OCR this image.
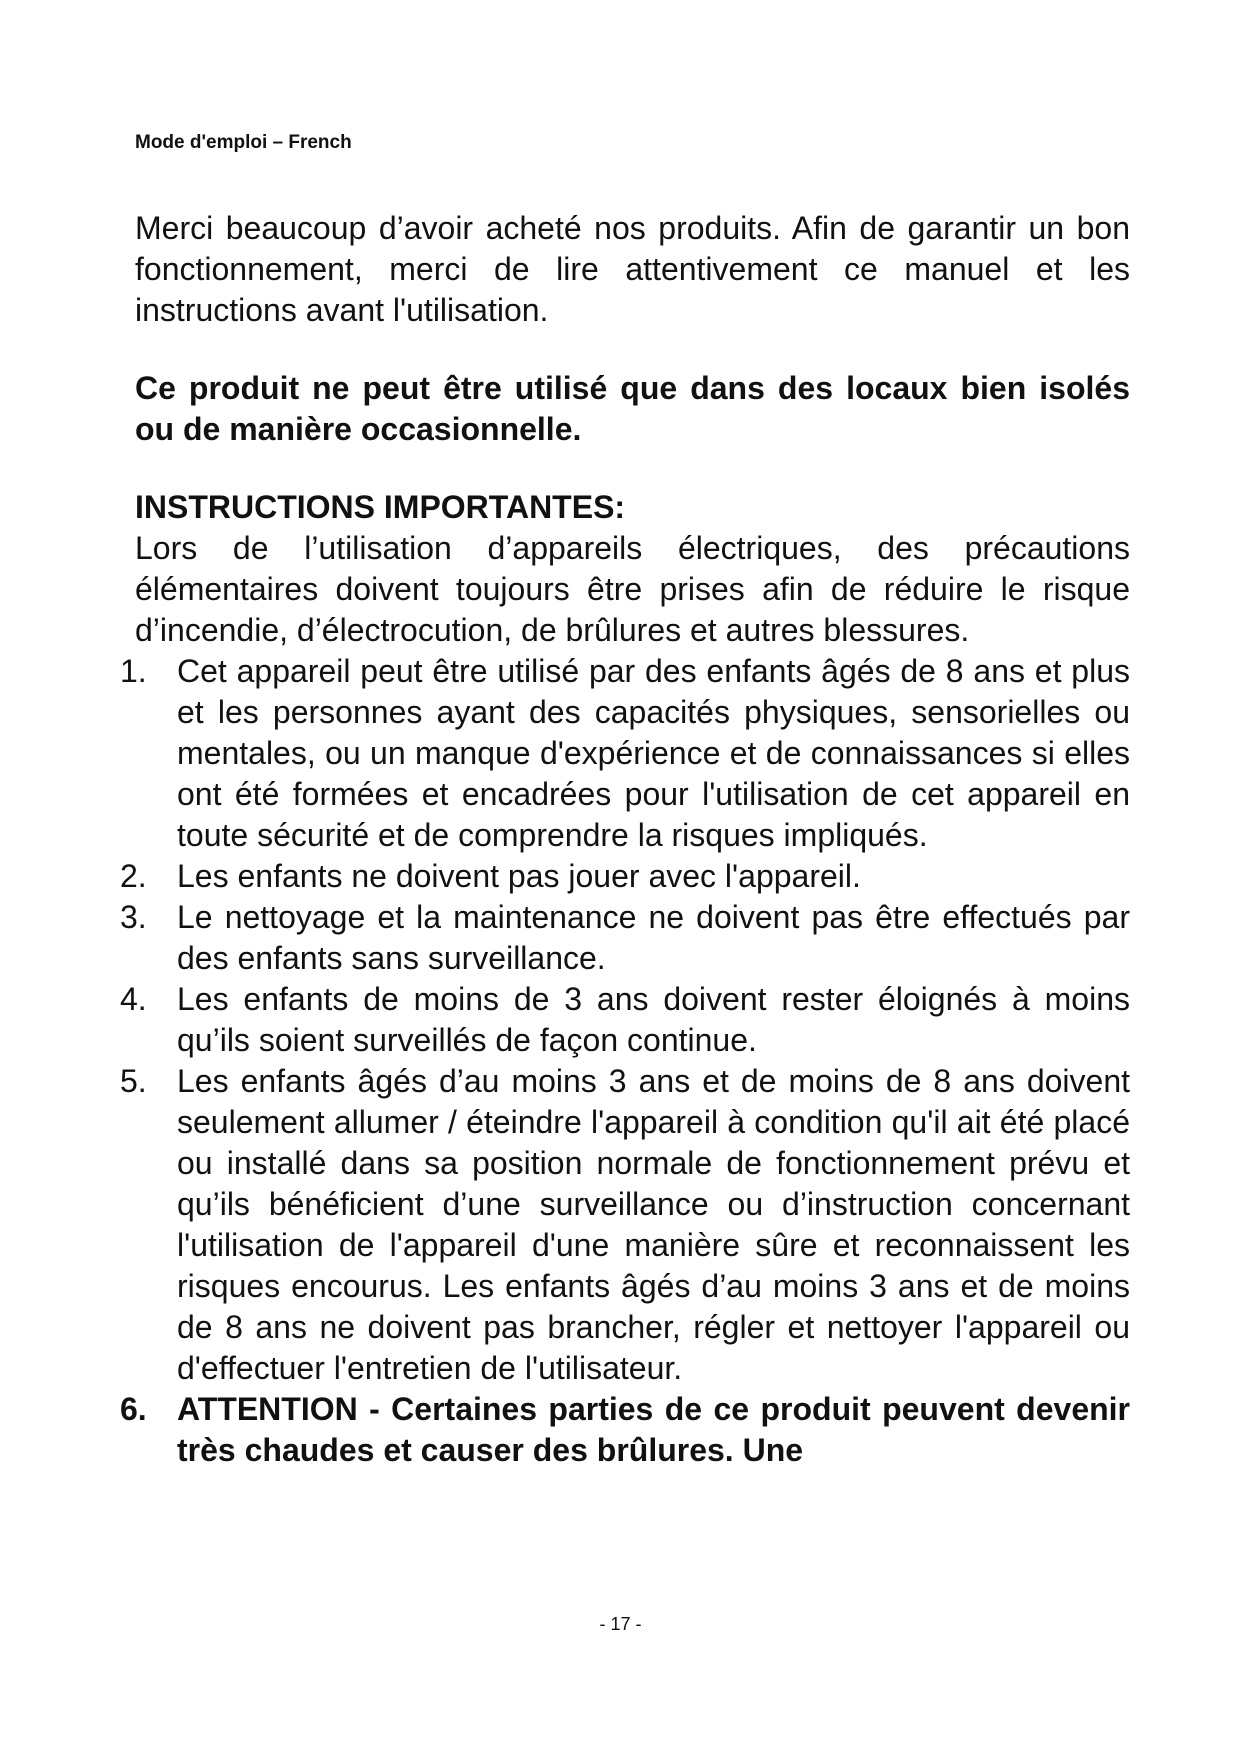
Mode d'emploi – French

Merci beaucoup d’avoir acheté nos produits. Afin de garantir un bon fonctionnement, merci de lire attentivement ce manuel et les instructions avant l'utilisation.

Ce produit ne peut être utilisé que dans des locaux bien isolés ou de manière occasionnelle.

INSTRUCTIONS IMPORTANTES:

Lors de l’utilisation d’appareils électriques, des précautions élémentaires doivent toujours être prises afin de réduire le risque d’incendie, d’électrocution, de brûlures et autres blessures.

1. Cet appareil peut être utilisé par des enfants âgés de 8 ans et plus et les personnes ayant des capacités physiques, sensorielles ou mentales, ou un manque d'expérience et de connaissances si elles ont été formées et encadrées pour l'utilisation de cet appareil en toute sécurité et de comprendre la risques impliqués.
2. Les enfants ne doivent pas jouer avec l'appareil.
3. Le nettoyage et la maintenance ne doivent pas être effectués par des enfants sans surveillance.
4. Les enfants de moins de 3 ans doivent rester éloignés à moins qu’ils soient surveillés de façon continue.
5. Les enfants âgés d’au moins 3 ans et de moins de 8 ans doivent seulement allumer / éteindre l'appareil à condition qu'il ait été placé ou installé dans sa position normale de fonctionnement prévu et qu’ils bénéficient d’une surveillance ou d’instruction concernant l'utilisation de l'appareil d'une manière sûre et reconnaissent les risques encourus. Les enfants âgés d’au moins 3 ans et de moins de 8 ans ne doivent pas brancher, régler et nettoyer l'appareil ou d'effectuer l'entretien de l'utilisateur.
6. ATTENTION - Certaines parties de ce produit peuvent devenir très chaudes et causer des brûlures. Une
- 17 -
